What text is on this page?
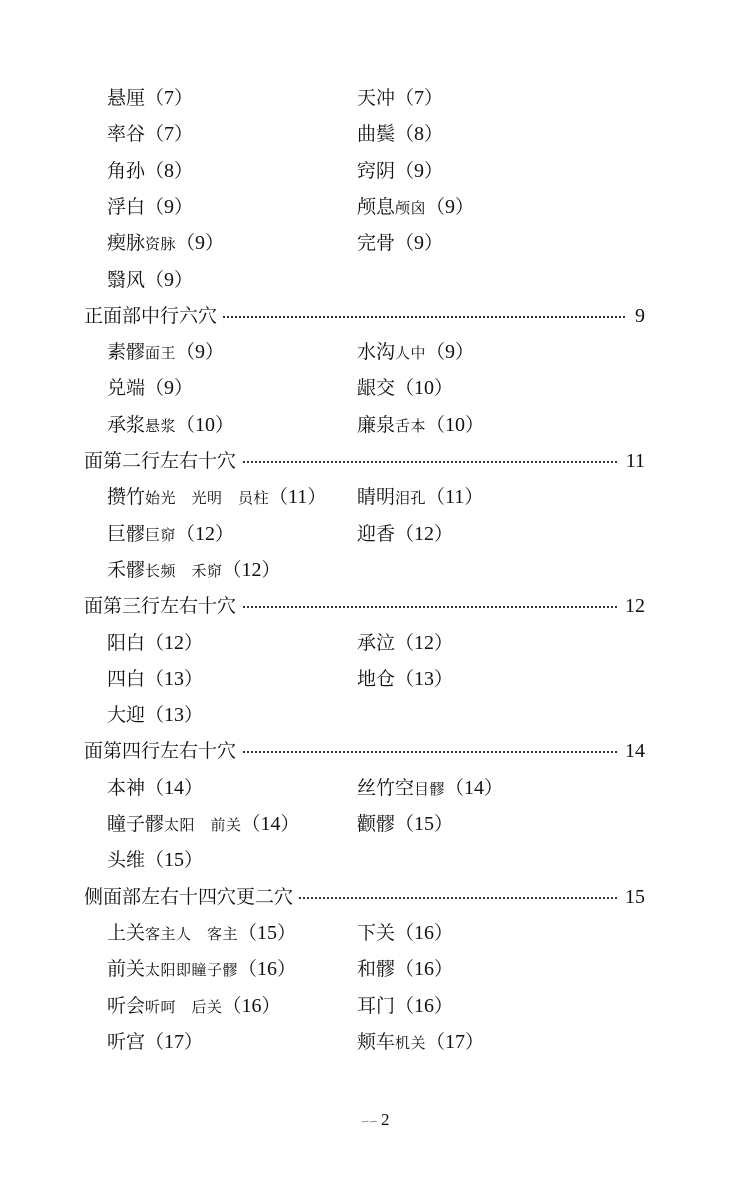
悬厘（7）	天冲（7）
率谷（7）	曲鬓（8）
角孙（8）	窍阴（9）
浮白（9）	颅息颅囟（9）
瘈脉资脉（9）	完骨（9）
翳风（9）
正面部中行六穴	9
素髎面王（9）	水沟人中（9）
兑端（9）	龈交（10）
承浆悬浆（10）	廉泉舌本（10）
面第二行左右十穴	11
攒竹始光　光明　员柱（11） 睛明泪孔（11）
巨髎巨窌（12）	迎香（12）
禾髎长频　禾窌（12）
面第三行左右十穴	12
阳白（12）	承泣（12）
四白（13）	地仓（13）
大迎（13）
面第四行左右十穴	14
本神（14）	丝竹空目髎（14）
瞳子髎太阳　前关（14）	颧髎（15）
头维（15）
侧面部左右十四穴更二穴	15
上关客主人　客主（15）	下关（16）
前关太阳即瞳子髎（16）	和髎（16）
听会听呵　后关（16）	耳门（16）
听宫（17）	颊车机关（17）
∽∽ 2
